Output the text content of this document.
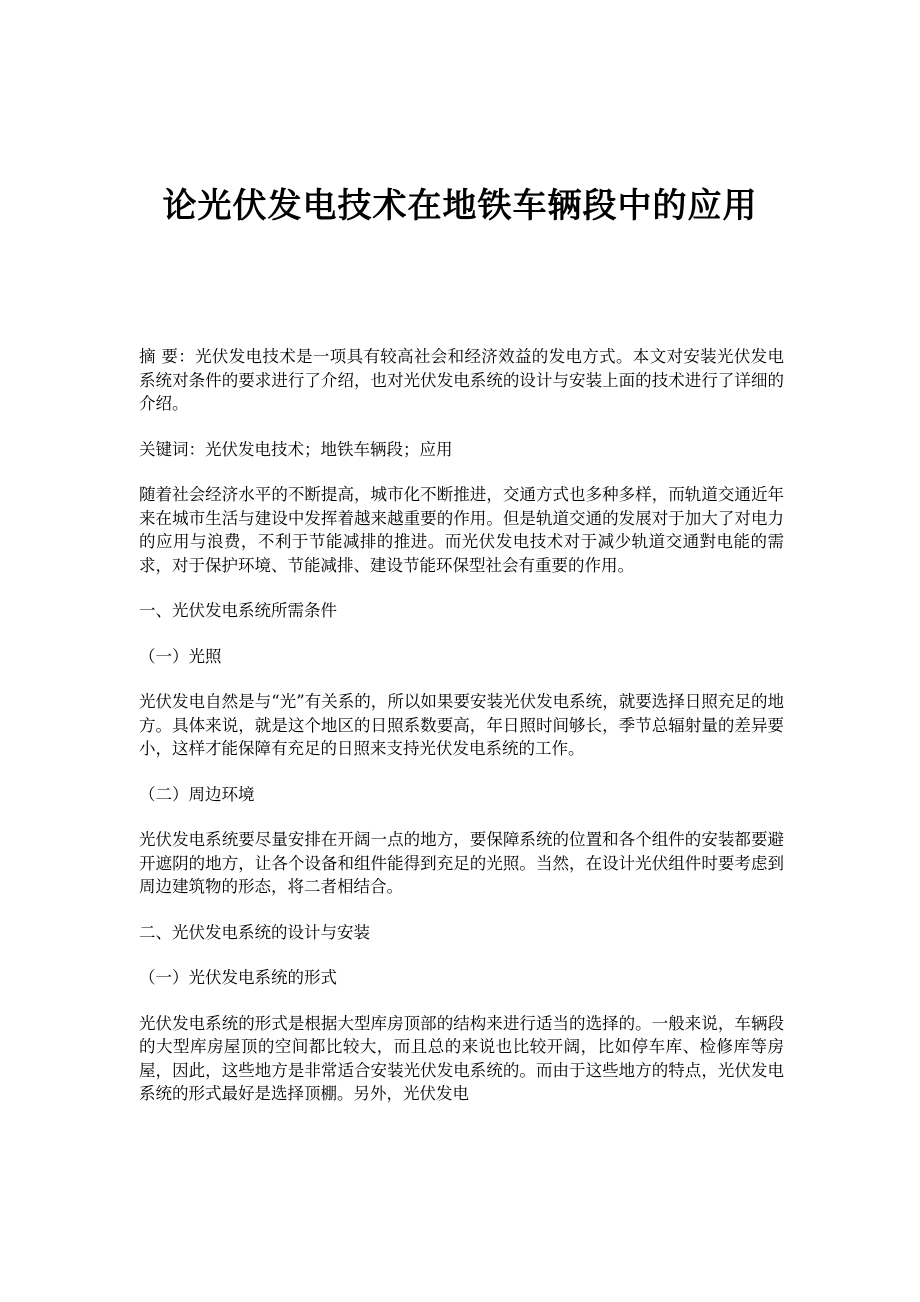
论光伏发电技术在地铁车辆段中的应用

摘 要：光伏发电技术是一项具有较高社会和经济效益的发电方式。本文对安装光伏发电系统对条件的要求进行了介绍，也对光伏发电系统的设计与安装上面的技术进行了详细的介绍。

关键词：光伏发电技术；地铁车辆段；应用

随着社会经济水平的不断提高，城市化不断推进，交通方式也多种多样，而轨道交通近年来在城市生活与建设中发挥着越来越重要的作用。但是轨道交通的发展对于加大了对电力的应用与浪费，不利于节能减排的推进。而光伏发电技术对于减少轨道交通對电能的需求，对于保护环境、节能减排、建设节能环保型社会有重要的作用。

一、光伏发电系统所需条件

（一）光照

光伏发电自然是与“光”有关系的，所以如果要安装光伏发电系统，就要选择日照充足的地方。具体来说，就是这个地区的日照系数要高，年日照时间够长，季节总辐射量的差异要小，这样才能保障有充足的日照来支持光伏发电系统的工作。

（二）周边环境

光伏发电系统要尽量安排在开阔一点的地方，要保障系统的位置和各个组件的安装都要避开遮阴的地方，让各个设备和组件能得到充足的光照。当然，在设计光伏组件时要考虑到周边建筑物的形态，将二者相结合。

二、光伏发电系统的设计与安装

（一）光伏发电系统的形式

光伏发电系统的形式是根据大型库房顶部的结构来进行适当的选择的。一般来说，车辆段的大型库房屋顶的空间都比较大，而且总的来说也比较开阔，比如停车库、检修库等房屋，因此，这些地方是非常适合安装光伏发电系统的。而由于这些地方的特点，光伏发电系统的形式最好是选择顶棚。另外，光伏发电
